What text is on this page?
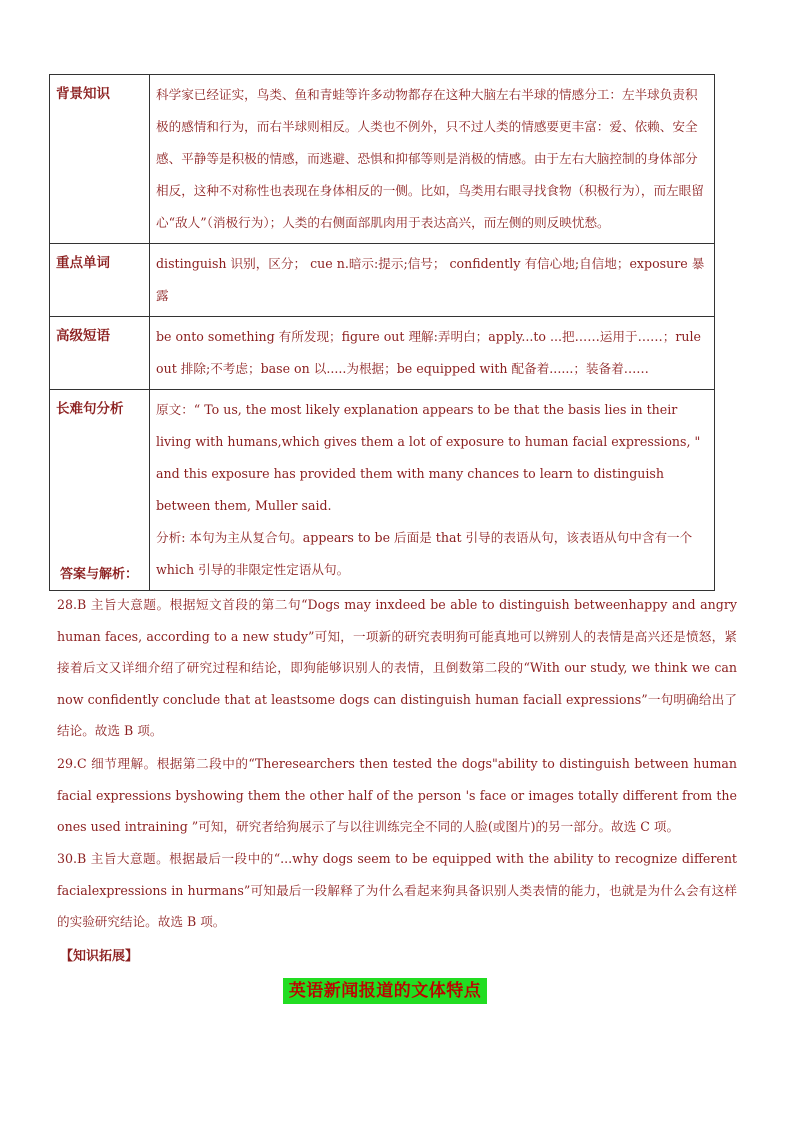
背景知识	科学家已经证实，鸟类、鱼和青蛙等许多动物都存在这种大脑左右半球的情感分工：左半球负责积极的感情和行为，而右半球则相反。人类也不例外，只不过人类的情感要更丰富：爱、依赖、安全感、平静等是积极的情感，而逃避、恐惧和抑郁等则是消极的情感。由于左右大脑控制的身体部分相反，这种不对称性也表现在身体相反的一侧。比如，鸟类用右眼寻找食物（积极行为），而左眼留心“敌人”（消极行为）；人类的右侧面部肌肉用于表达高兴，而左侧的则反映忧愁。
重点单词	distinguish 识别，区分； cue n.暗示:提示;信号； confidently 有信心地;自信地；exposure 暴露
高级短语	be onto something 有所发现；figure out 理解:弄明白；apply...to ...把……运用于……；rule out 排除;不考虑；base on 以.....为根据；be equipped with 配备着......；装备着……
长难句分析	原文：“ To us, the most likely explanation appears to be that the basis lies in their living with humans,which gives them a lot of exposure to human facial expressions, " and this exposure has provided them with many chances to learn to distinguish between them, Muller said.
分析: 本句为主从复合句。appears to be 后面是 that 引导的表语从句，该表语从句中含有一个 which 引导的非限定性定语从句。
答案与解析：
28.B 主旨大意题。根据短文首段的第二句“Dogs may inxdeed be able to distinguish betweenhappy and angry human faces, according to a new study”可知，一项新的研究表明狗可能真地可以辨别人的表情是高兴还是愤怒，紧接着后文又详细介绍了研究过程和结论，即狗能够识别人的表情，且倒数第二段的“With our study, we think we can now confidently conclude that at leastsome dogs can distinguish human faciall expressions”一句明确给出了结论。故选 B 项。
29.C 细节理解。根据第二段中的“Theresearchers then tested the dogs"ability to distinguish between human facial expressions byshowing them the other half of the person 's face or images totally different from the ones used intraining ”可知，研究者给狗展示了与以往训练完全不同的人脸(或图片)的另一部分。故选 C 项。
30.B 主旨大意题。根据最后一段中的“...why dogs seem to be equipped with the ability to recognize different facialexpressions in hurmans”可知最后一段解释了为什么看起来狗具备识别人类表情的能力，也就是为什么会有这样的实验研究结论。故选 B 项。
【知识拓展】
英语新闻报道的文体特点
